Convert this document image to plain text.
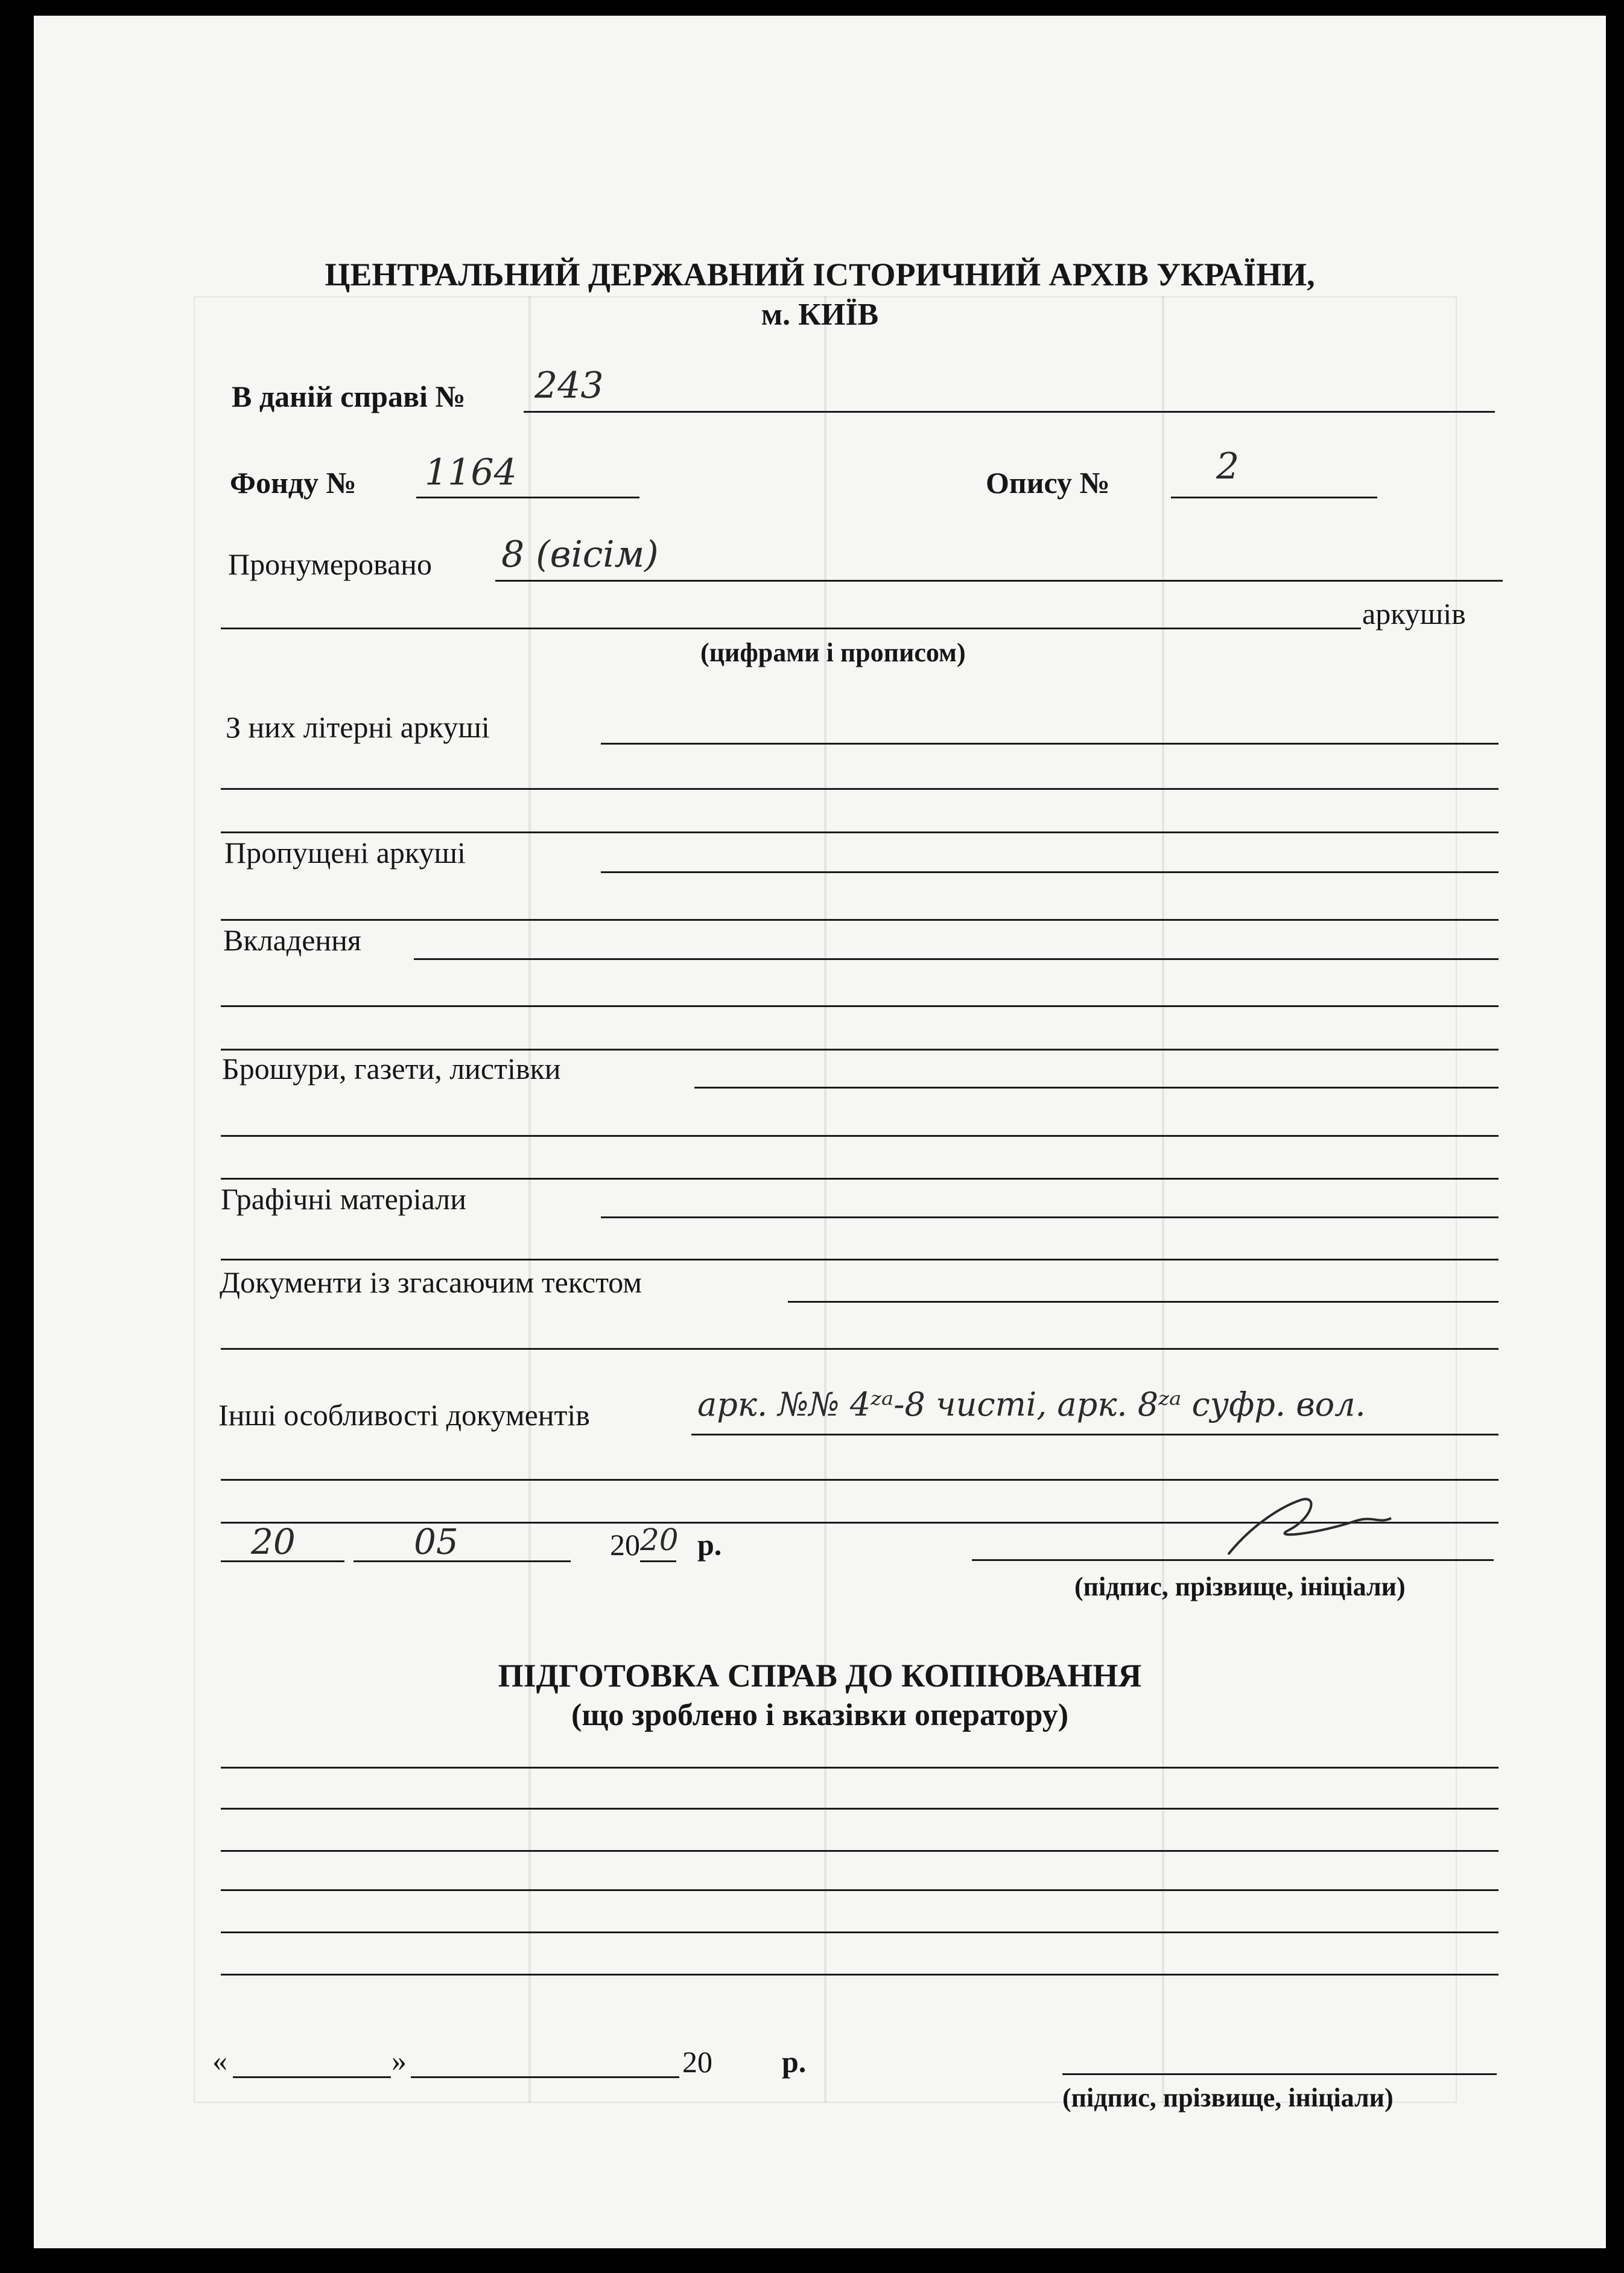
ЦЕНТРАЛЬНИЙ ДЕРЖАВНИЙ ІСТОРИЧНИЙ АРХІВ УКРАЇНИ,
м. КИЇВ
В даній справі № 243
Фонду № 1164	Опису №	2
Пронумеровано 8 (вісім)
аркушів
(цифрами і прописом)
З них літерні аркуші
Пропущені аркуші
Вкладення
Брошури, газети, листівки
Графічні матеріали
Документи із згасаючим текстом
Інші особливості документів	арк. №№ 4ᶻᵃ-8 чисті, арк. 8ᶻᵃ суфр. вол.
20	05	20 20 р.
(підпис, прізвище, ініціали)
ПІДГОТОВКА СПРАВ ДО КОПІЮВАННЯ
(що зроблено і вказівки оператору)
«	»	20 р.
(підпис, прізвище, ініціали)
